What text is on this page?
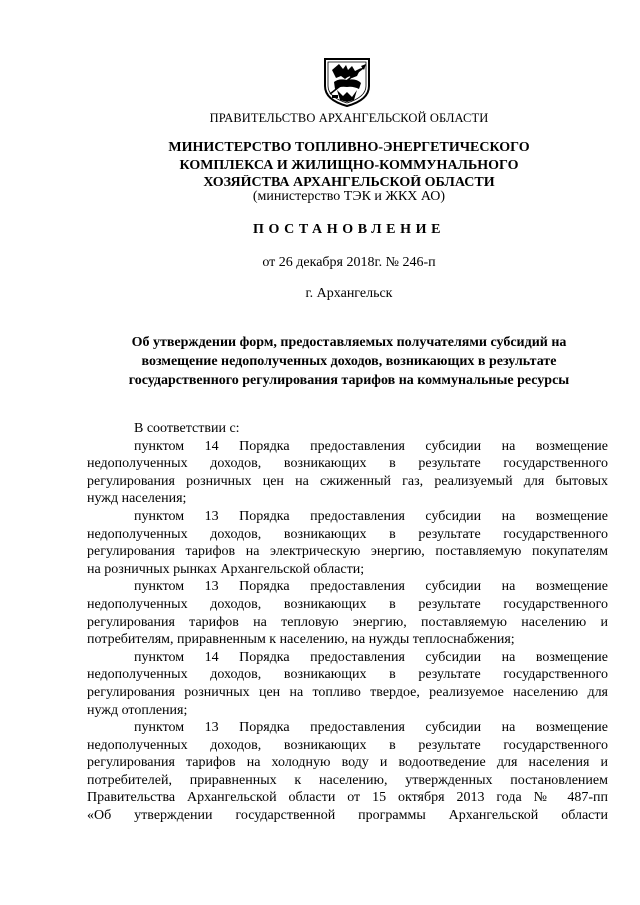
ПРАВИТЕЛЬСТВО АРХАНГЕЛЬСКОЙ ОБЛАСТИ
МИНИСТЕРСТВО ТОПЛИВНО-ЭНЕРГЕТИЧЕСКОГО
КОМПЛЕКСА И ЖИЛИЩНО-КОММУНАЛЬНОГО
ХОЗЯЙСТВА АРХАНГЕЛЬСКОЙ ОБЛАСТИ
(министерство ТЭК и ЖКХ АО)
ПОСТАНОВЛЕНИЕ
от 26 декабря 2018г. № 246-п
г. Архангельск
Об утверждении форм, предоставляемых получателями субсидий на
возмещение недополученных доходов, возникающих в результате
государственного регулирования тарифов на коммунальные ресурсы
В соответствии с:
пунктом 14 Порядка предоставления субсидии на возмещение
недополученных доходов, возникающих в результате государственного
регулирования розничных цен на сжиженный газ, реализуемый для бытовых
нужд населения;
пунктом 13 Порядка предоставления субсидии на возмещение
недополученных доходов, возникающих в результате государственного
регулирования тарифов на электрическую энергию, поставляемую покупателям
на розничных рынках Архангельской области;
пунктом 13 Порядка предоставления субсидии на возмещение
недополученных доходов, возникающих в результате государственного
регулирования тарифов на тепловую энергию, поставляемую населению и
потребителям, приравненным к населению, на нужды теплоснабжения;
пунктом 14 Порядка предоставления субсидии на возмещение
недополученных доходов, возникающих в результате государственного
регулирования розничных цен на топливо твердое, реализуемое населению для
нужд отопления;
пунктом 13 Порядка предоставления субсидии на возмещение
недополученных доходов, возникающих в результате государственного
регулирования тарифов на холодную воду и водоотведение для населения и
потребителей, приравненных к населению, утвержденных постановлением
Правительства Архангельской области от 15 октября 2013 года № 487-пп
«Об утверждении государственной программы Архангельской области
